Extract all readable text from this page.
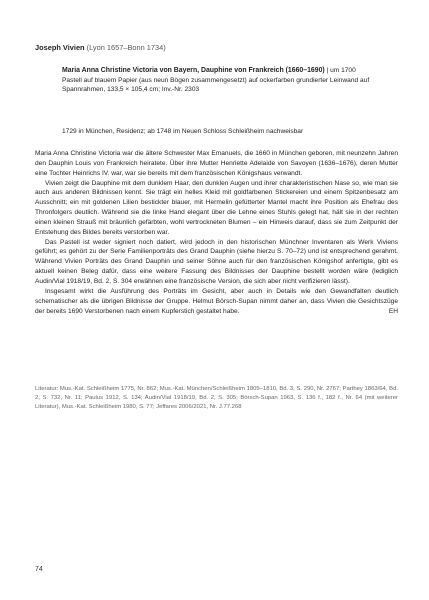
Joseph Vivien (Lyon 1657–Bonn 1734)

Maria Anna Christine Victoria von Bayern, Dauphine von Frankreich (1660–1690) | um 1700

Pastell auf blauem Papier (aus neun Bögen zusammengesetzt) auf ockerfarben grundierter Leinwand auf Spannrahmen, 133,5 × 105,4 cm; Inv.-Nr. 2303

1729 in München, Residenz; ab 1748 im Neuen Schloss Schleißheim nachweisbar

Maria Anna Christine Victoria war die ältere Schwester Max Emanuels, die 1660 in München geboren, mit neunzehn Jahren den Dauphin Louis von Frankreich heiratete. Über ihre Mutter Henriette Adelaide von Savoyen (1636–1676), deren Mutter eine Tochter Heinrichs IV. war, war sie bereits mit dem französischen Königshaus verwandt.

Vivien zeigt die Dauphine mit dem dunklem Haar, den dunklen Augen und ihrer charakteristischen Nase so, wie man sie auch aus anderen Bildnissen kennt. Sie trägt ein helles Kleid mit goldfarbenen Stickereien und einem Spitzenbesatz am Ausschnitt; ein mit goldenen Lilien bestickter blauer, mit Hermelin gefütterter Mantel macht ihre Position als Ehefrau des Thronfolgers deutlich. Während sie die linke Hand elegant über die Lehne eines Stuhls gelegt hat, hält sie in der rechten einen kleinen Strauß mit bräunlich gefärbten, wohl vertrockneten Blumen – ein Hinweis darauf, dass sie zum Zeitpunkt der Entstehung des Bildes bereits verstorben war.

Das Pastell ist weder signiert noch datiert, wird jedoch in den historischen Münchner Inventaren als Werk Viviens geführt; es gehört zu der Serie Familienporträts des Grand Dauphin (siehe hierzu S. 70–72) und ist entsprechend gerahmt. Während Vivien Porträts des Grand Dauphin und seiner Söhne auch für den französischen Königshof anfertigte, gibt es aktuell keinen Beleg dafür, dass eine weitere Fassung des Bildnisses der Dauphine bestellt worden wäre (lediglich Audin/Vial 1918/19, Bd. 2, S. 304 erwähnen eine französische Version, die sich aber nicht verifizieren lässt).

Insgesamt wirkt die Ausführung des Porträts im Gesicht, aber auch in Details wie den Gewandfalten deutlich schematischer als die übrigen Bildnisse der Gruppe. Helmut Börsch-Supan nimmt daher an, dass Vivien die Gesichtszüge der bereits 1690 Verstorbenen nach einem Kupferstich gestaltet habe.	EH

Literatur: Mus.-Kat. Schleißheim 1775, Nr. 862; Mus.-Kat. München/Schleißheim 1805–1810, Bd. 3, S. 290, Nr. 2767; Parthey 1863/64, Bd. 2, S. 732, Nr. 11; Paulus 1912, S. 134; Audin/Vial 1918/19, Bd. 2, S. 305; Börsch-Supan 1963, S. 136 f., 182 f., Nr. 64 (mit weiterer Literatur), Mus.-Kat. Schleißheim 1980, S. 77; Jeffares 2006/2021, Nr. J.77.268
74
